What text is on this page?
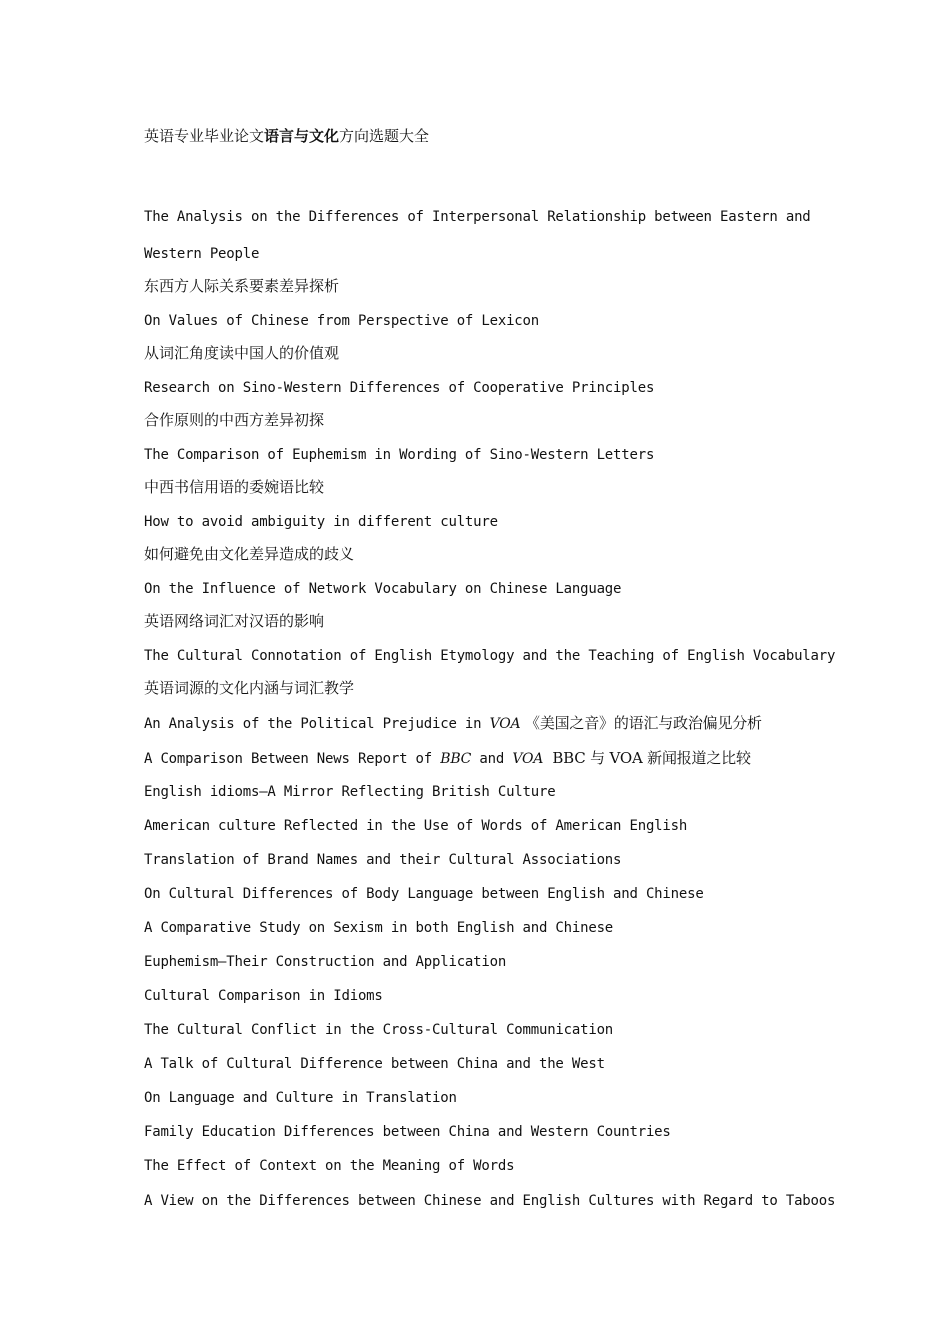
英语专业毕业论文语言与文化方向选题大全
The Analysis on the Differences of Interpersonal Relationship between Eastern and
Western People
东西方人际关系要素差异探析
On Values of Chinese from Perspective of Lexicon
从词汇角度读中国人的价值观
Research on Sino-Western Differences of Cooperative Principles
合作原则的中西方差异初探
The Comparison of Euphemism in Wording of Sino-Western Letters
中西书信用语的委婉语比较
How to avoid ambiguity in different culture
如何避免由文化差异造成的歧义
On the Influence of Network Vocabulary on Chinese Language
英语网络词汇对汉语的影响
The Cultural Connotation of English Etymology and the Teaching of English Vocabulary
英语词源的文化内涵与词汇教学
An Analysis of the Political Prejudice in VOA 《美国之音》的语汇与政治偏见分析
A Comparison Between News Report of BBC and VOA  BBC 与 VOA 新闻报道之比较
English idioms—A Mirror Reflecting British Culture
American culture Reflected in the Use of Words of American English
Translation of Brand Names and their Cultural Associations
On Cultural Differences of Body Language between English and Chinese
A Comparative Study on Sexism in both English and Chinese
Euphemism—Their Construction and Application
Cultural Comparison in Idioms
The Cultural Conflict in the Cross-Cultural Communication
A Talk of Cultural Difference between China and the West
On Language and Culture in Translation
Family Education Differences between China and Western Countries
The Effect of Context on the Meaning of Words
A View on the Differences between Chinese and English Cultures with Regard to Taboos
